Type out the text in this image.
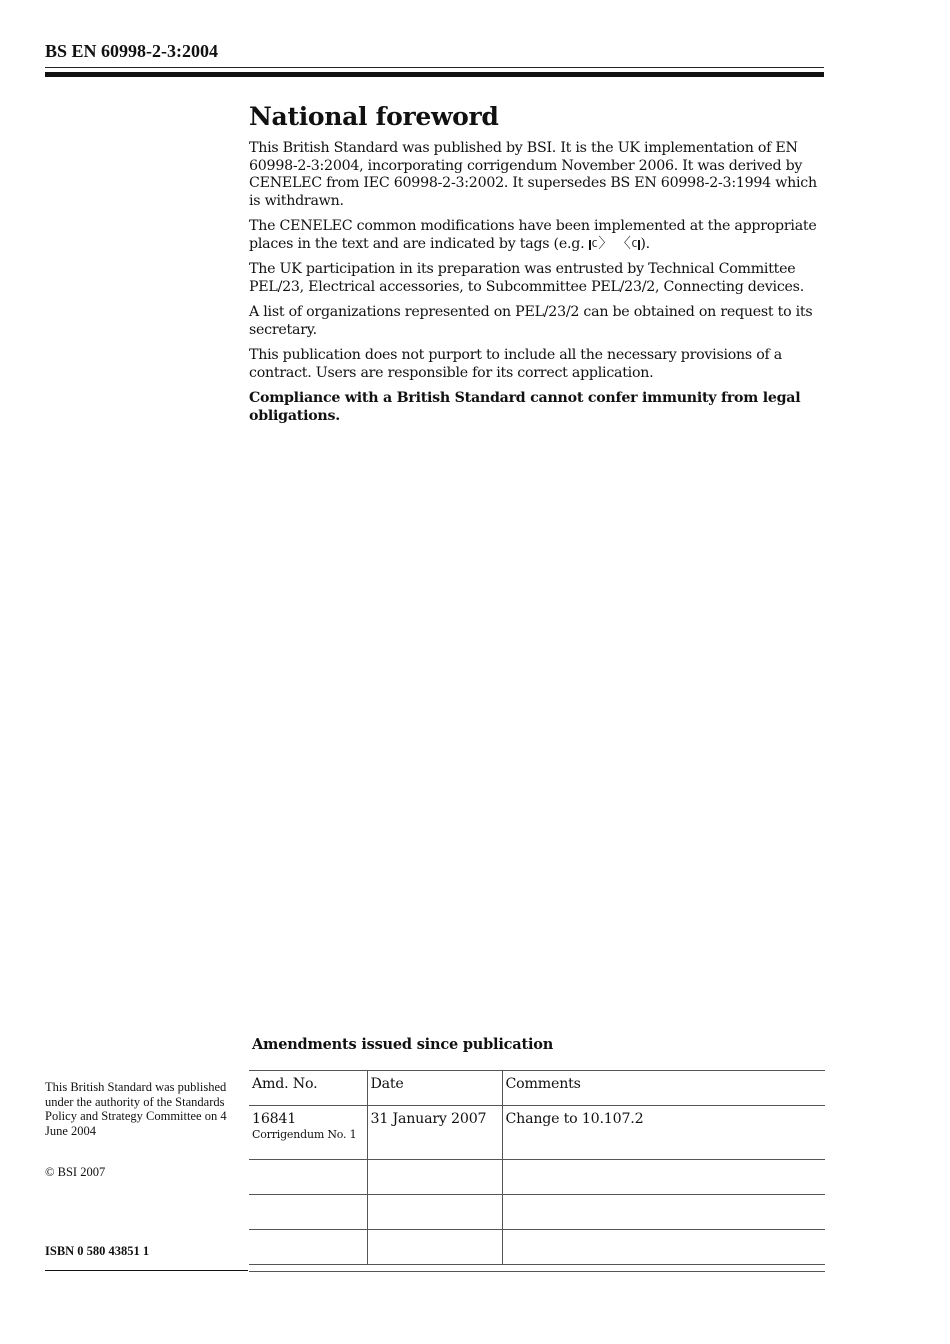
BS EN 60998-2-3:2004
National foreword

This British Standard was published by BSI. It is the UK implementation of EN 60998-2-3:2004, incorporating corrigendum November 2006. It was derived by CENELEC from IEC 60998-2-3:2002. It supersedes BS EN 60998-2-3:1994 which is withdrawn.

The CENELEC common modifications have been implemented at the appropriate places in the text and are indicated by tags (e.g. C〉 〈C ).

The UK participation in its preparation was entrusted by Technical Committee PEL/23, Electrical accessories, to Subcommittee PEL/23/2, Connecting devices.

A list of organizations represented on PEL/23/2 can be obtained on request to its secretary.

This publication does not purport to include all the necessary provisions of a contract. Users are responsible for its correct application.

Compliance with a British Standard cannot confer immunity from legal obligations.

Amendments issued since publication
Amd. No.	Date	Comments
16841
Corrigendum No. 1	31 January 2007	Change to 10.107.2

This British Standard was published under the authority of the Standards Policy and Strategy Committee on 4 June 2004
© BSI 2007
ISBN 0 580 43851 1
